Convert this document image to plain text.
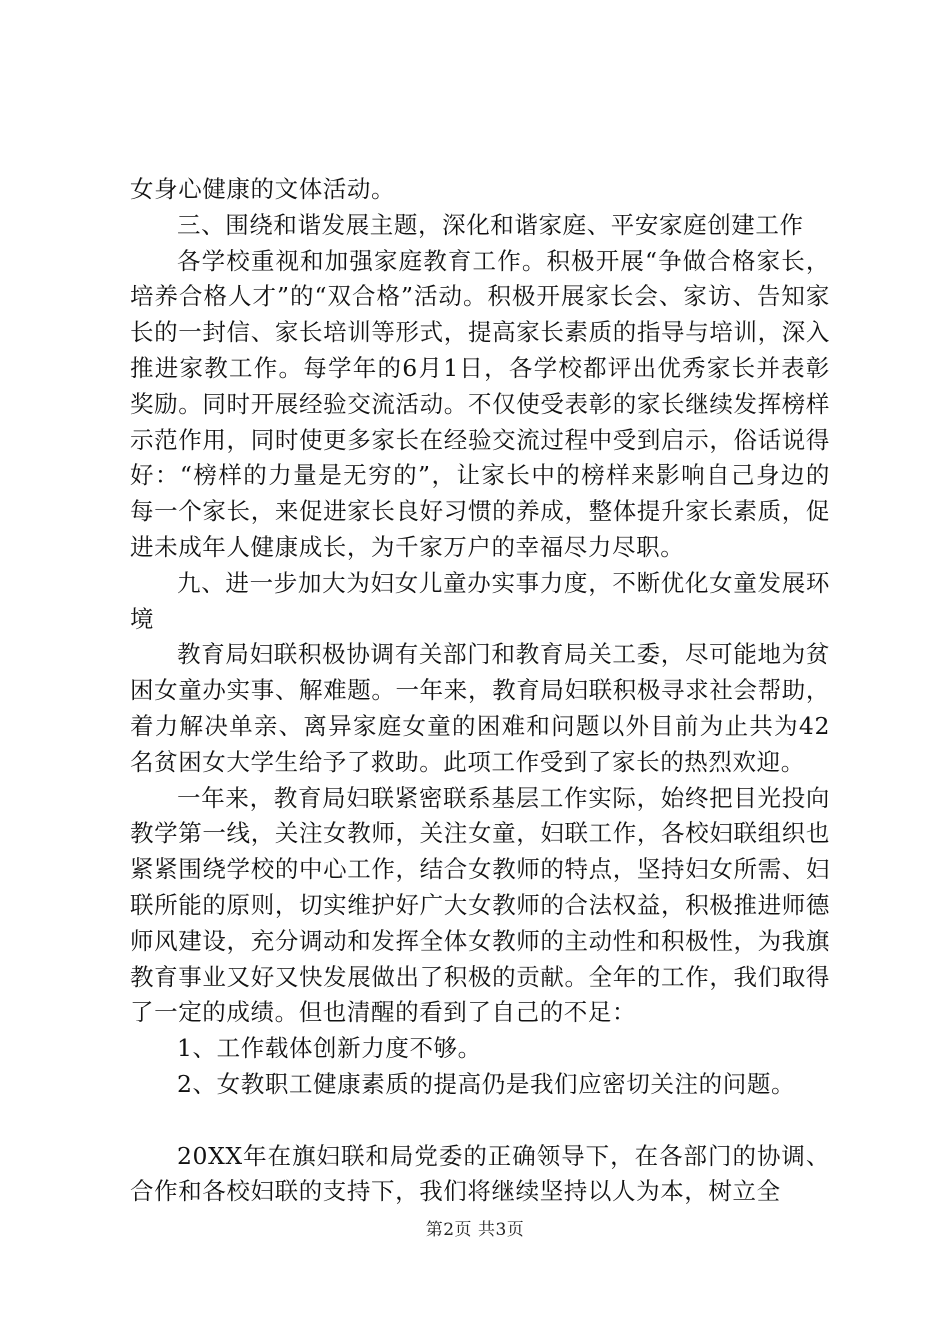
女身心健康的文体活动。

三、围绕和谐发展主题，深化和谐家庭、平安家庭创建工作

各学校重视和加强家庭教育工作。积极开展“争做合格家长，培养合格人才”的“双合格”活动。积极开展家长会、家访、告知家长的一封信、家长培训等形式，提高家长素质的指导与培训，深入推进家教工作。每学年的6月1日，各学校都评出优秀家长并表彰奖励。同时开展经验交流活动。不仅使受表彰的家长继续发挥榜样示范作用，同时使更多家长在经验交流过程中受到启示，俗话说得好：“榜样的力量是无穷的”，让家长中的榜样来影响自己身边的每一个家长，来促进家长良好习惯的养成，整体提升家长素质，促进未成年人健康成长，为千家万户的幸福尽力尽职。

九、进一步加大为妇女儿童办实事力度，不断优化女童发展环境

教育局妇联积极协调有关部门和教育局关工委，尽可能地为贫困女童办实事、解难题。一年来，教育局妇联积极寻求社会帮助，着力解决单亲、离异家庭女童的困难和问题以外目前为止共为42名贫困女大学生给予了救助。此项工作受到了家长的热烈欢迎。

一年来，教育局妇联紧密联系基层工作实际，始终把目光投向教学第一线，关注女教师，关注女童，妇联工作，各校妇联组织也紧紧围绕学校的中心工作，结合女教师的特点，坚持妇女所需、妇联所能的原则，切实维护好广大女教师的合法权益，积极推进师德师风建设，充分调动和发挥全体女教师的主动性和积极性，为我旗教育事业又好又快发展做出了积极的贡献。全年的工作，我们取得了一定的成绩。但也清醒的看到了自己的不足：

1、工作载体创新力度不够。

2、女教职工健康素质的提高仍是我们应密切关注的问题。

20XX年在旗妇联和局党委的正确领导下，在各部门的协调、合作和各校妇联的支持下，我们将继续坚持以人为本，树立全

第2页 共3页
